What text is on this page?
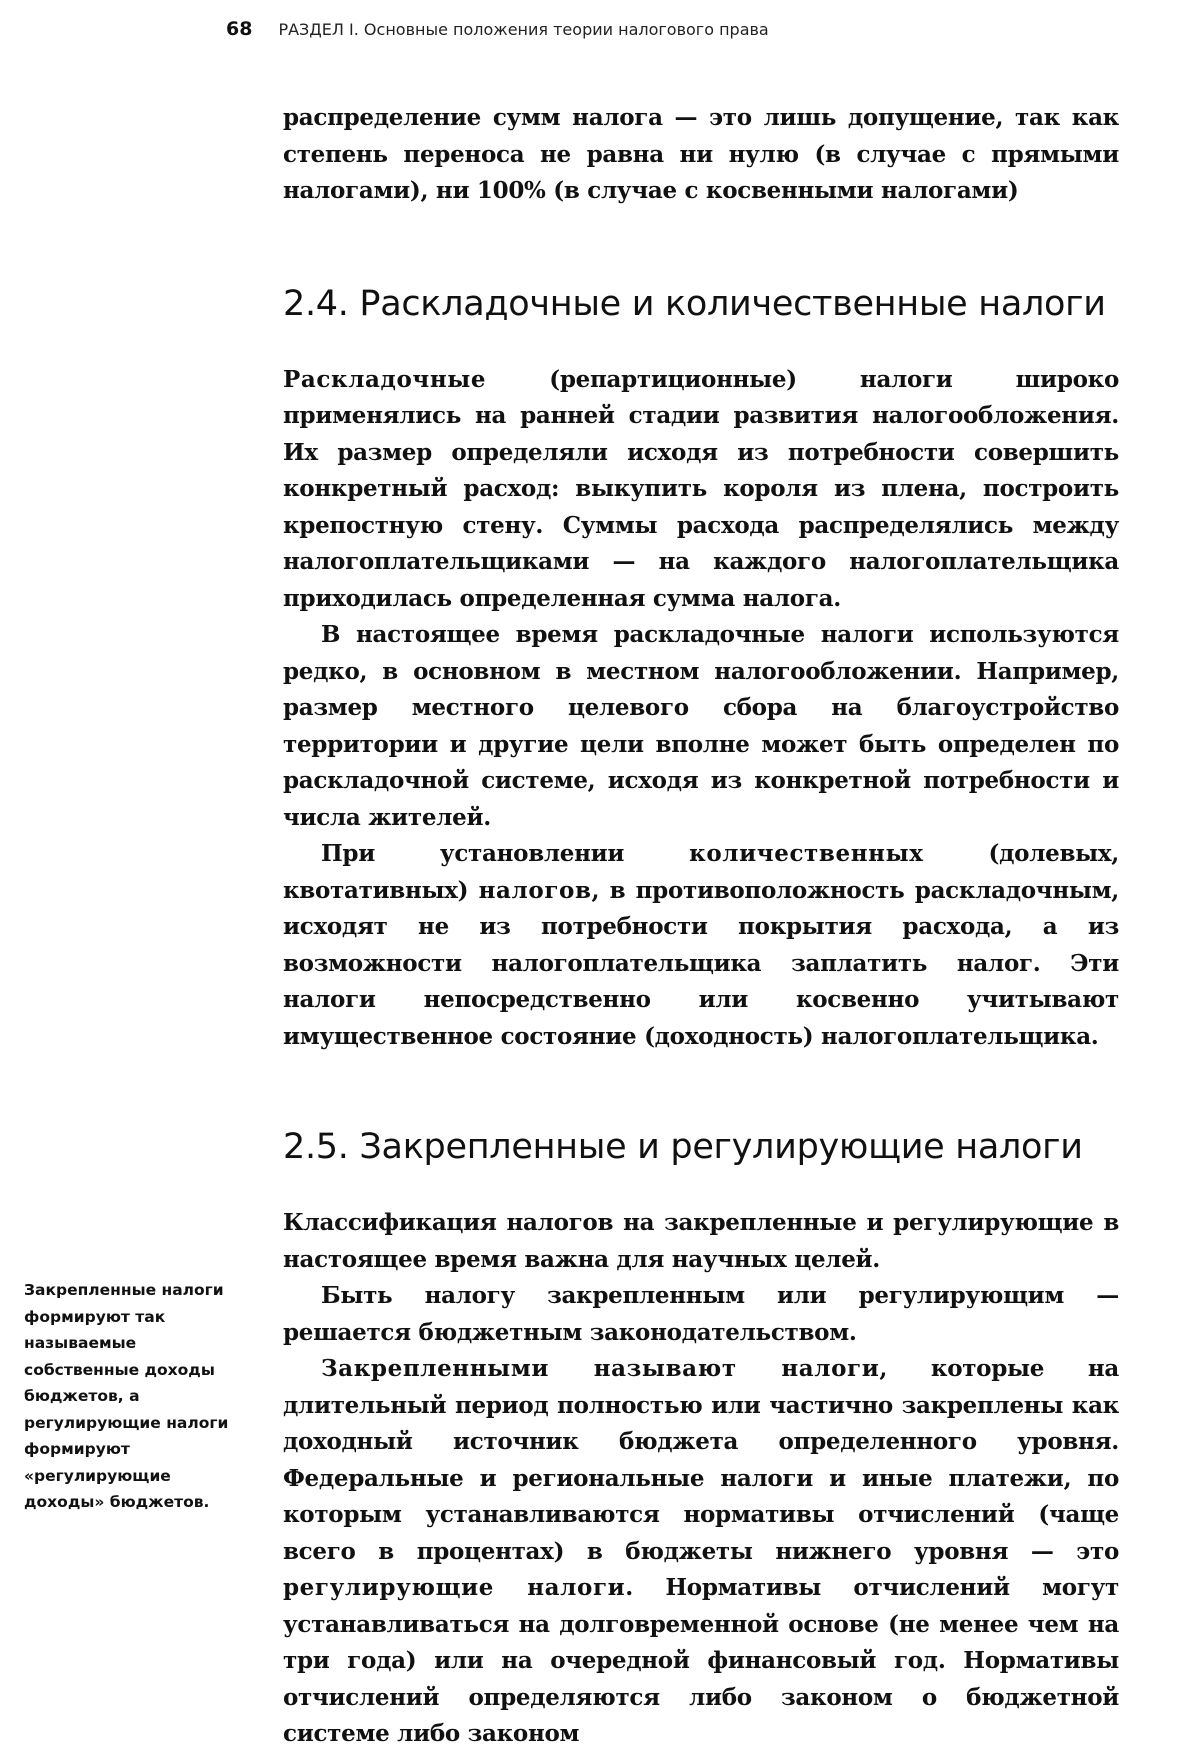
68 РАЗДЕЛ I. Основные положения теории налогового права

распределение сумм налога — это лишь допущение, так как степень переноса не равна ни нулю (в случае с прямыми налогами), ни 100% (в случае с косвенными налогами)

2.4. Раскладочные и количественные налоги

Раскладочные (репартиционные) налоги широко применялись на ранней стадии развития налогообложения. Их размер определяли исходя из потребности совершить конкретный расход: выкупить короля из плена, построить крепостную стену. Суммы расхода распределялись между налогоплательщиками — на каждого налогоплательщика приходилась определенная сумма налога.

В настоящее время раскладочные налоги используются редко, в основном в местном налогообложении. Например, размер местного целевого сбора на благоустройство территории и другие цели вполне может быть определен по раскладочной системе, исходя из конкретной потребности и числа жителей.

При установлении количественных (долевых, квотативных) налогов, в противоположность раскладочным, исходят не из потребности покрытия расхода, а из возможности налогоплательщика заплатить налог. Эти налоги непосредственно или косвенно учитывают имущественное состояние (доходность) налогоплательщика.

2.5. Закрепленные и регулирующие налоги

Классификация налогов на закрепленные и регулирующие в настоящее время важна для научных целей.

Быть налогу закрепленным или регулирующим — решается бюджетным законодательством.

Закрепленными называют налоги, которые на длительный период полностью или частично закреплены как доходный источник бюджета определенного уровня. Федеральные и региональные налоги и иные платежи, по которым устанавливаются нормативы отчислений (чаще всего в процентах) в бюджеты нижнего уровня — это регулирующие налоги. Нормативы отчислений могут устанавливаться на долговременной основе (не менее чем на три года) или на очередной финансовый год. Нормативы отчислений определяются либо законом о бюджетной системе либо законом

Закрепленные налоги формируют так называемые собственные доходы бюджетов, а регулирующие налоги формируют «регулирующие доходы» бюджетов.
